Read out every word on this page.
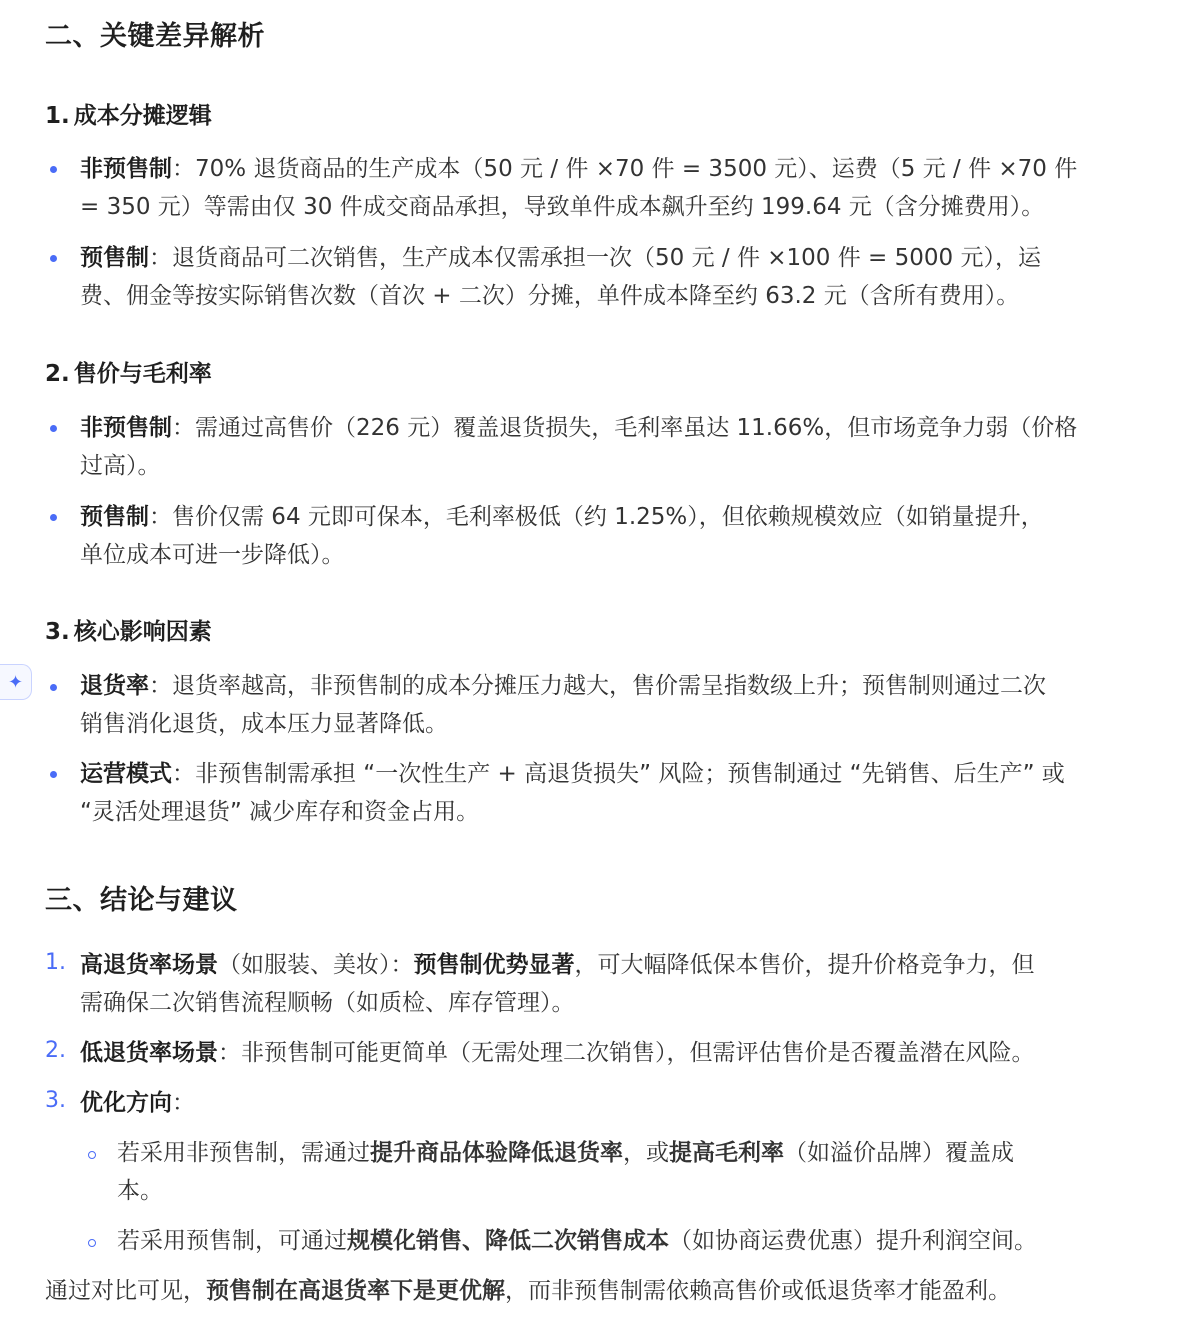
二、关键差异解析
1. 成本分摊逻辑
非预售制：70% 退货商品的生产成本（50 元 / 件 ×70 件 = 3500 元）、运费（5 元 / 件 ×70 件
= 350 元）等需由仅 30 件成交商品承担，导致单件成本飙升至约 199.64 元（含分摊费用）。
预售制：退货商品可二次销售，生产成本仅需承担一次（50 元 / 件 ×100 件 = 5000 元），运
费、佣金等按实际销售次数（首次 + 二次）分摊，单件成本降至约 63.2 元（含所有费用）。
2. 售价与毛利率
非预售制：需通过高售价（226 元）覆盖退货损失，毛利率虽达 11.66%，但市场竞争力弱（价格
过高）。
预售制：售价仅需 64 元即可保本，毛利率极低（约 1.25%），但依赖规模效应（如销量提升，
单位成本可进一步降低）。
3. 核心影响因素
✦ 退货率：退货率越高，非预售制的成本分摊压力越大，售价需呈指数级上升；预售制则通过二次
销售消化退货，成本压力显著降低。
运营模式：非预售制需承担 “一次性生产 + 高退货损失” 风险；预售制通过 “先销售、后生产” 或
“灵活处理退货” 减少库存和资金占用。
三、结论与建议
1. 高退货率场景（如服装、美妆）：预售制优势显著，可大幅降低保本售价，提升价格竞争力，但
需确保二次销售流程顺畅（如质检、库存管理）。
2. 低退货率场景：非预售制可能更简单（无需处理二次销售），但需评估售价是否覆盖潜在风险。
3. 优化方向：
若采用非预售制，需通过提升商品体验降低退货率，或提高毛利率（如溢价品牌）覆盖成
本。
若采用预售制，可通过规模化销售、降低二次销售成本（如协商运费优惠）提升利润空间。
通过对比可见，预售制在高退货率下是更优解，而非预售制需依赖高售价或低退货率才能盈利。
